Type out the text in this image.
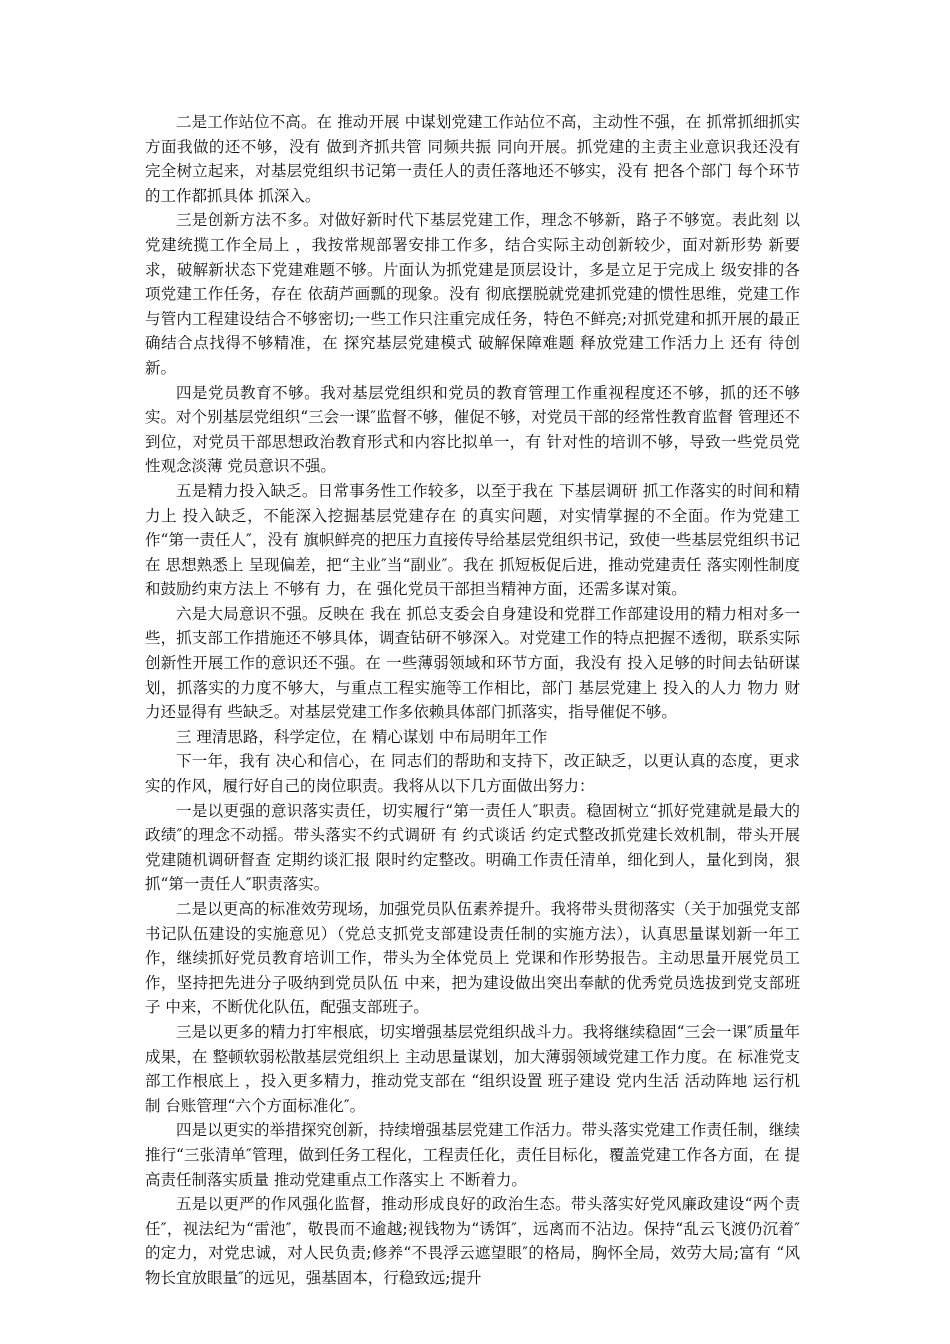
二是工作站位不高。在 推动开展 中谋划党建工作站位不高，主动性不强，在 抓常抓细抓实方面我做的还不够，没有 做到齐抓共管 同频共振 同向开展。抓党建的主责主业意识我还没有 完全树立起来，对基层党组织书记第一责任人的责任落地还不够实，没有 把各个部门 每个环节的工作都抓具体 抓深入。

三是创新方法不多。对做好新时代下基层党建工作，理念不够新，路子不够宽。表此刻 以党建统揽工作全局上 ，我按常规部署安排工作多，结合实际主动创新较少，面对新形势 新要求，破解新状态下党建难题不够。片面认为抓党建是顶层设计，多是立足于完成上 级安排的各项党建工作任务，存在 依葫芦画瓢的现象。没有 彻底摆脱就党建抓党建的惯性思维，党建工作与管内工程建设结合不够密切;一些工作只注重完成任务，特色不鲜亮;对抓党建和抓开展的最正确结合点找得不够精准，在 探究基层党建模式 破解保障难题 释放党建工作活力上 还有 待创新。

四是党员教育不够。我对基层党组织和党员的教育管理工作重视程度还不够，抓的还不够实。对个别基层党组织“三会一课″监督不够，催促不够，对党员干部的经常性教育监督 管理还不到位，对党员干部思想政治教育形式和内容比拟单一，有 针对性的培训不够，导致一些党员党性观念淡薄 党员意识不强。

五是精力投入缺乏。日常事务性工作较多，以至于我在 下基层调研 抓工作落实的时间和精力上 投入缺乏，不能深入挖掘基层党建存在 的真实问题，对实情掌握的不全面。作为党建工作“第一责任人″，没有 旗帜鲜亮的把压力直接传导给基层党组织书记，致使一些基层党组织书记在 思想熟悉上 呈现偏差，把“主业″当“副业″。我在 抓短板促后进，推动党建责任 落实刚性制度和鼓励约束方法上 不够有 力，在 强化党员干部担当精神方面，还需多谋对策。

六是大局意识不强。反映在 我在 抓总支委会自身建设和党群工作部建设用的精力相对多一些，抓支部工作措施还不够具体，调查钻研不够深入。对党建工作的特点把握不透彻，联系实际创新性开展工作的意识还不强。在 一些薄弱领域和环节方面，我没有 投入足够的时间去钻研谋划，抓落实的力度不够大，与重点工程实施等工作相比，部门 基层党建上 投入的人力 物力 财力还显得有 些缺乏。对基层党建工作多依赖具体部门抓落实，指导催促不够。

三 理清思路，科学定位，在 精心谋划 中布局明年工作

下一年，我有 决心和信心，在 同志们的帮助和支持下，改正缺乏，以更认真的态度，更求实的作风，履行好自己的岗位职责。我将从以下几方面做出努力：

一是以更强的意识落实责任，切实履行“第一责任人″职责。稳固树立“抓好党建就是最大的政绩″的理念不动摇。带头落实不约式调研 有 约式谈话 约定式整改抓党建长效机制，带头开展党建随机调研督查 定期约谈汇报 限时约定整改。明确工作责任清单，细化到人，量化到岗，狠抓“第一责任人″职责落实。

二是以更高的标准效劳现场，加强党员队伍素养提升。我将带头贯彻落实（关于加强党支部书记队伍建设的实施意见）（党总支抓党支部建设责任制的实施方法），认真思量谋划新一年工作，继续抓好党员教育培训工作，带头为全体党员上 党课和作形势报告。主动思量开展党员工作，坚持把先进分子吸纳到党员队伍 中来，把为建设做出突出奉献的优秀党员选拔到党支部班子 中来，不断优化队伍，配强支部班子。

三是以更多的精力打牢根底，切实增强基层党组织战斗力。我将继续稳固“三会一课″质量年成果，在 整顿软弱松散基层党组织上 主动思量谋划，加大薄弱领域党建工作力度。在 标准党支部工作根底上 ，投入更多精力，推动党支部在 “组织设置 班子建设 党内生活 活动阵地 运行机制 台账管理“六个方面标准化″。

四是以更实的举措探究创新，持续增强基层党建工作活力。带头落实党建工作责任制，继续推行“三张清单″管理，做到任务工程化，工程责任化，责任目标化，覆盖党建工作各方面，在 提高责任制落实质量 推动党建重点工作落实上 不断着力。

五是以更严的作风强化监督，推动形成良好的政治生态。带头落实好党风廉政建设“两个责任″，视法纪为“雷池″，敬畏而不逾越;视钱物为“诱饵″，远离而不沾边。保持“乱云飞渡仍沉着″的定力，对党忠诚，对人民负责;修养“不畏浮云遮望眼″的格局，胸怀全局，效劳大局;富有 “风物长宜放眼量″的远见，强基固本，行稳致远;提升
